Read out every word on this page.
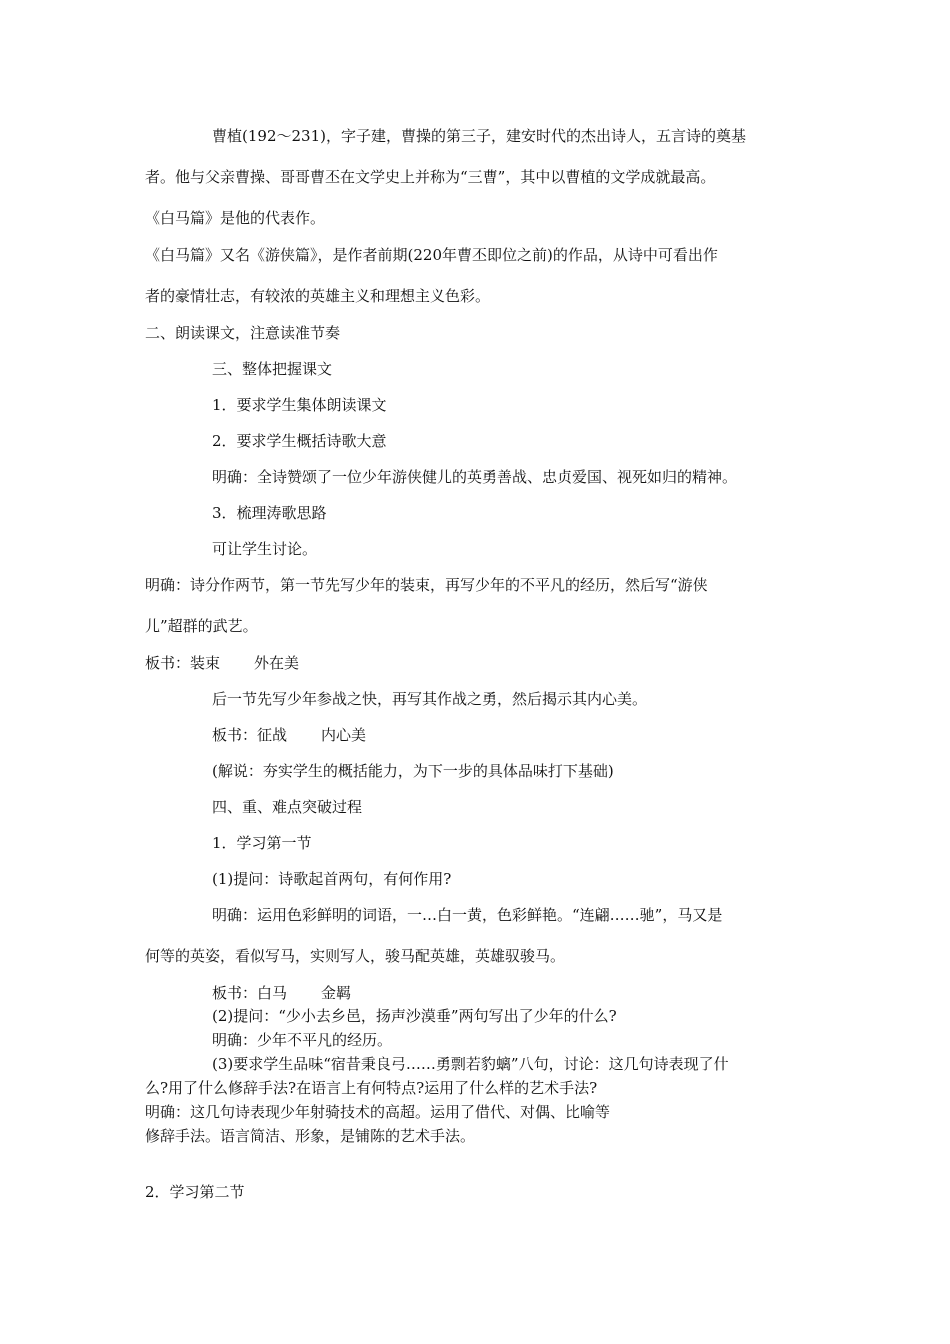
曹植(192～231)，字子建，曹操的第三子，建安时代的杰出诗人，五言诗的奠基
者。他与父亲曹操、哥哥曹丕在文学史上并称为“三曹”，其中以曹植的文学成就最高。
《白马篇》是他的代表作。
《白马篇》又名《游侠篇》，是作者前期(220年曹丕即位之前)的作品，从诗中可看出作
者的豪情壮志，有较浓的英雄主义和理想主义色彩。
二、朗读课文，注意读准节奏
三、整体把握课文
1．要求学生集体朗读课文
2．要求学生概括诗歌大意
明确：全诗赞颂了一位少年游侠健儿的英勇善战、忠贞爱国、视死如归的精神。
3．梳理涛歌思路
可让学生讨论。
明确：诗分作两节，第一节先写少年的装束，再写少年的不平凡的经历，然后写“游侠
儿”超群的武艺。
板书：装束 外在美
后一节先写少年参战之快，再写其作战之勇，然后揭示其内心美。
板书：征战 内心美
(解说：夯实学生的概括能力，为下一步的具体品味打下基础)
四、重、难点突破过程
1．学习第一节
(1)提问：诗歌起首两句，有何作用?
明确：运用色彩鲜明的词语，一…白一黄，色彩鲜艳。“连翩……驰”，马又是
何等的英姿，看似写马，实则写人，骏马配英雄，英雄驭骏马。
板书：白马 金羁
(2)提问：“少小去乡邑，扬声沙漠垂”两句写出了少年的什么?
明确：少年不平凡的经历。
(3)要求学生品味“宿昔秉良弓……勇剽若豹螭”八句，讨论：这几句诗表现了什
么?用了什么修辞手法?在语言上有何特点?运用了什么样的艺术手法?
明确：这几句诗表现少年射骑技术的高超。运用了借代、对偶、比喻等
修辞手法。语言简洁、形象，是铺陈的艺术手法。
2．学习第二节
